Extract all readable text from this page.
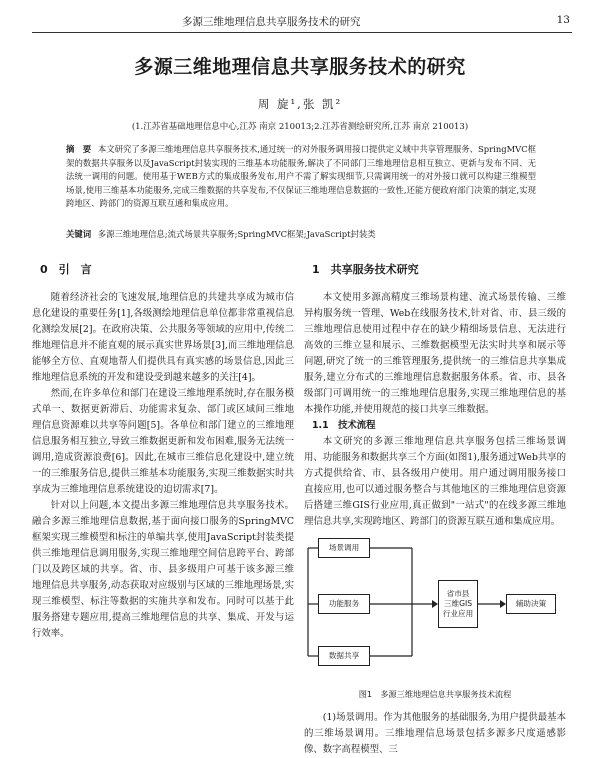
多源三维地理信息共享服务技术的研究	13
多源三维地理信息共享服务技术的研究
周 旋¹,张 凯²
(1.江苏省基础地理信息中心,江苏 南京 210013;2.江苏省测绘研究所,江苏 南京 210013)
摘　要 本文研究了多源三维地理信息共享服务技术,通过统一的对外服务调用接口提供定义域中共享管理服务、SpringMVC框架的数据共享服务以及JavaScript封装实现的三维基本功能服务,解决了不同部门三维地理信息相互独立、更新与发布不同、无法统一调用的问题。使用基于WEB方式的集成服务发布,用户不需了解实现细节,只需调用统一的对外接口就可以构建三维模型场景,使用三维基本功能服务,完成三维数据的共享发布,不仅保证三维地理信息数据的一致性,还能方便政府部门决策的制定,实现跨地区、跨部门的资源互联互通和集成应用。
关键词 多源三维地理信息;流式场景共享服务;SpringMVC框架;JavaScript封装类
0　引　言

随着经济社会的飞速发展,地理信息的共建共享成为城市信息化建设的重要任务[1],各级测绘地理信息单位都非常重视信息化测绘发展[2]。在政府决策、公共服务等领域的应用中,传统二维地理信息并不能直观的展示真实世界场景[3],而三维地理信息能够全方位、直观地帮人们提供具有真实感的场景信息,因此三维地理信息系统的开发和建设受到越来越多的关注[4]。

然而,在许多单位和部门在建设三维地理系统时,存在服务模式单一、数据更新滞后、功能需求复杂、部门或区域间三维地理信息资源难以共享等问题[5]。各单位和部门建立的三维地理信息服务相互独立,导致三维数据更新和发布困难,服务无法统一调用,造成资源浪费[6]。因此,在城市三维信息化建设中,建立统一的三维服务信息,提供三维基本功能服务,实现三维数据实时共享成为三维地理信息系统建设的迫切需求[7]。

针对以上问题,本文提出多源三维地理信息共享服务技术。融合多源三维地理信息数据,基于面向接口服务的SpringMVC框架实现三维模型和标注的单编共享,使用JavaScript封装类提供三维地理信息调用服务,实现三维地理空间信息跨平台、跨部门以及跨区域的共享。省、市、县多级用户可基于该多源三维地理信息共享服务,动态获取对应级别与区域的三维地理场景,实现三维模型、标注等数据的实施共享和发布。同时可以基于此服务搭建专题应用,提高三维地理信息的共享、集成、开发与运行效率。

1　共享服务技术研究

本文使用多源高精度三维场景构建、流式场景传输、三维异构服务统一管理、Web在线服务技术,针对省、市、县三级的三维地理信息使用过程中存在的缺少精细场景信息、无法进行高效的三维立显和展示、三维数据模型无法实时共享和展示等问题,研究了统一的三维管理服务,提供统一的三维信息共享集成服务,建立分布式的三维地理信息数据服务体系。省、市、县各级部门可调用统一的三维地理信息服务,实现三维地理信息的基本操作功能,并使用规范的接口共享三维数据。

1.1　技术流程

本文研究的多源三维地理信息共享服务包括三维场景调用、功能服务和数据共享三个方面(如图1),服务通过Web共享的方式提供给省、市、县各级用户使用。用户通过调用服务接口直接应用,也可以通过服务整合与其他地区的三维地理信息资源后搭建三维GIS行业应用,真正做到"一站式"的在线多源三维地理信息共享,实现跨地区、跨部门的资源互联互通和集成应用。

场景调用
功能服务
数据共享
省市县
三维GIS
行业应用
辅助决策
图1　多源三维地理信息共享服务技术流程

(1)场景调用。作为其他服务的基础服务,为用户提供最基本的三维场景调用。三维地理信息场景包括多源多尺度遥感影像、数字高程模型、三
